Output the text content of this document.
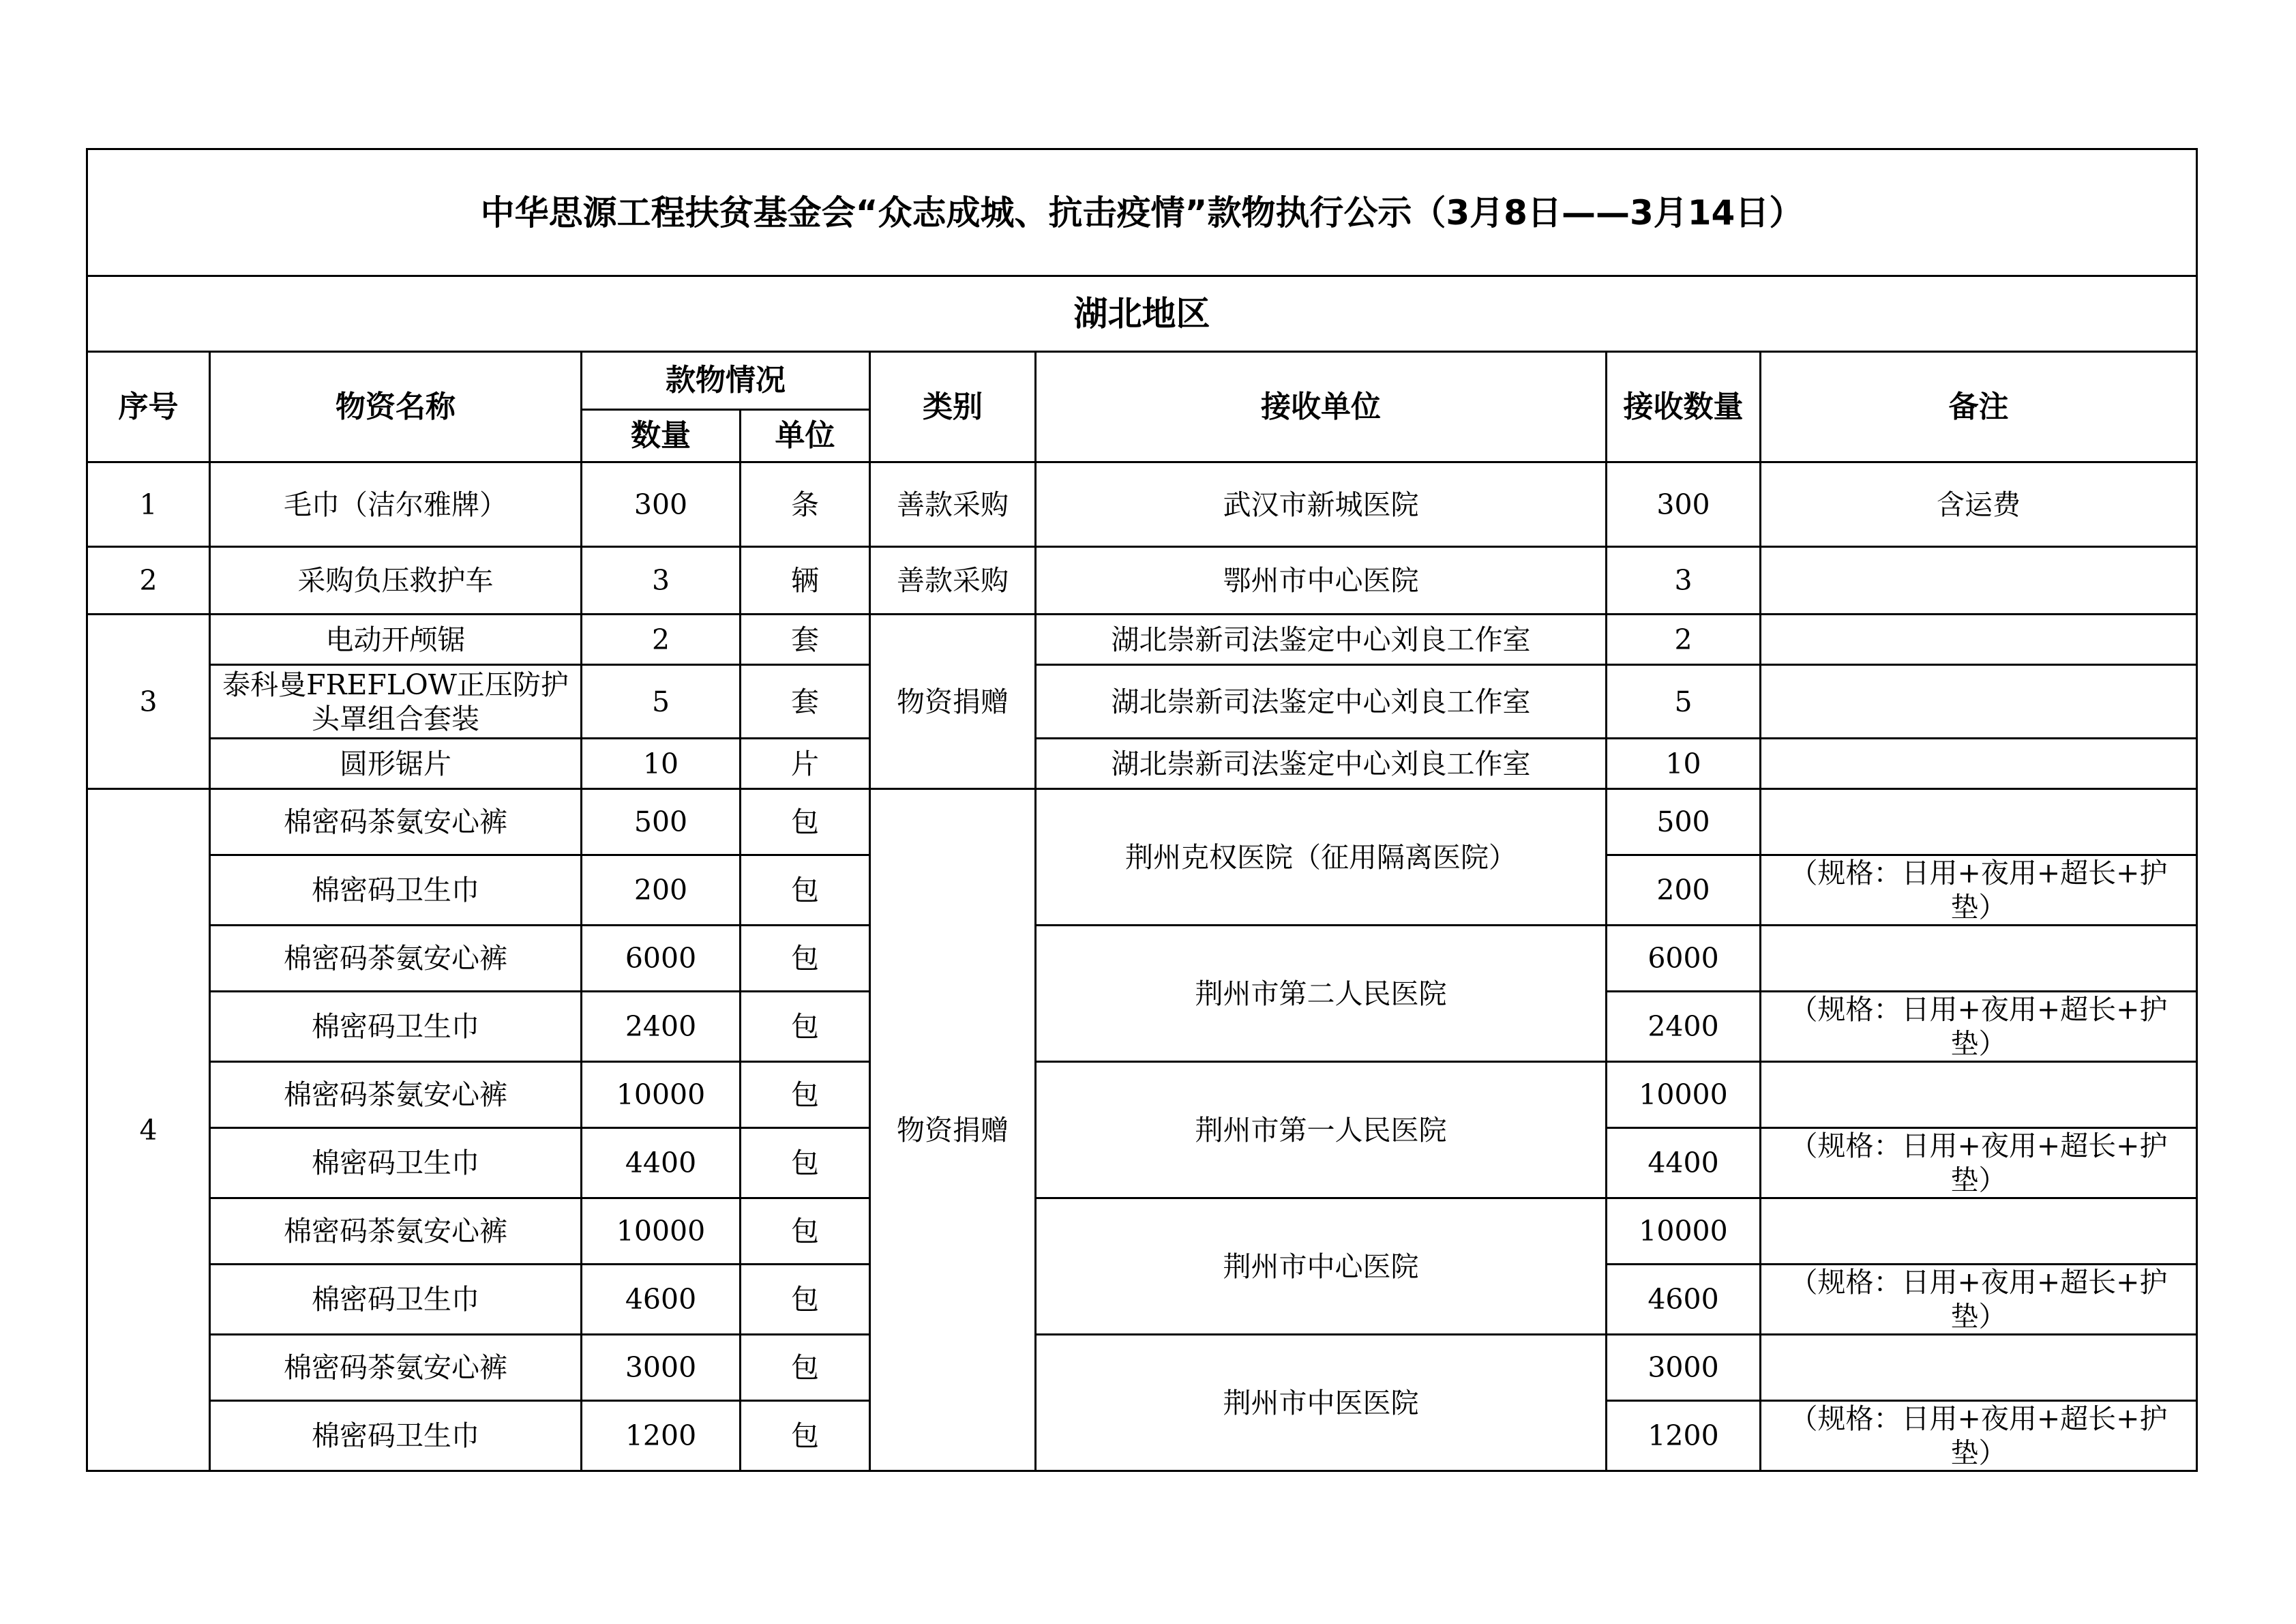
中华思源工程扶贫基金会“众志成城、抗击疫情”款物执行公示（3月8日——3月14日）							
湖北地区							
序号	物资名称	款物情况		类别	接收单位	接收数量	备注
		数量	单位				
1	毛巾（洁尔雅牌）	300	条	善款采购	武汉市新城医院	300	含运费
2	采购负压救护车	3	辆	善款采购	鄂州市中心医院	3	
3	电动开颅锯	2	套	物资捐赠	湖北崇新司法鉴定中心刘良工作室	2	
	泰科曼FREFLOW正压防护头罩组合套装	5	套		湖北崇新司法鉴定中心刘良工作室	5	
	圆形锯片	10	片		湖北崇新司法鉴定中心刘良工作室	10	
4	棉密码茶氨安心裤	500	包	物资捐赠	荆州克权医院（征用隔离医院）	500	
	棉密码卫生巾	200	包			200	（规格：日用+夜用+超长+护垫）
	棉密码茶氨安心裤	6000	包		荆州市第二人民医院	6000	
	棉密码卫生巾	2400	包			2400	（规格：日用+夜用+超长+护垫）
	棉密码茶氨安心裤	10000	包		荆州市第一人民医院	10000	
	棉密码卫生巾	4400	包			4400	（规格：日用+夜用+超长+护垫）
	棉密码茶氨安心裤	10000	包		荆州市中心医院	10000	
	棉密码卫生巾	4600	包			4600	（规格：日用+夜用+超长+护垫）
	棉密码茶氨安心裤	3000	包		荆州市中医医院	3000	
	棉密码卫生巾	1200	包			1200	（规格：日用+夜用+超长+护垫）
